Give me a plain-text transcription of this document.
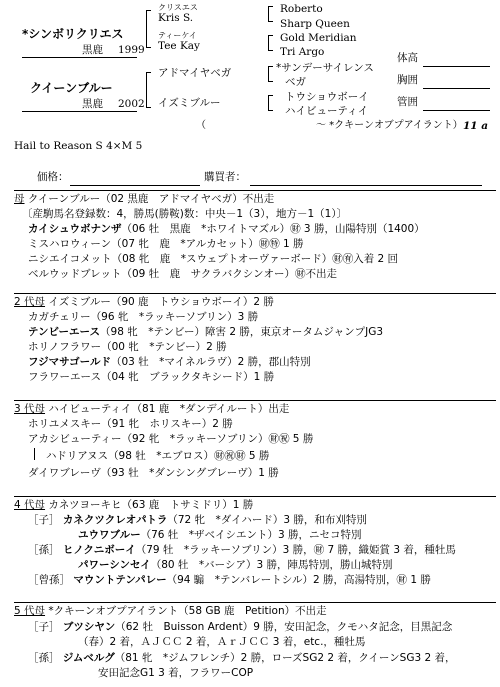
*シンボリクリエス
黒鹿 1999
クリスエス
Kris S.
ティーケイ
Tee Kay
Roberto
Sharp Queen
Gold Meridian
Tri Argo
クイーンブルー
黒鹿 2002
アドマイヤベガ
イズミブルー
*サンデーサイレンス
ベガ
トウショウボーイ
ハイビューティイ
（　　　　　　　　　　　〜 *クキーンオブプアイラント） 11 a
体高
胸囲
管囲
Hail to Reason S 4×M 5
価格：	購買者：
母 クイーンブルー（02 黒鹿　アドマイヤベガ）不出走
〔産駒馬名登録数：4，勝馬(勝鞍)数：中央－1（3），地方－1（1）〕
カイシュウボナンザ（06 牡　黒鹿　*ホワイトマズル）㊖ 3 勝，山陽特別（1400）
ミスハロウィーン（07 牝　鹿　*アルカセット）㊖㊕ 1 勝
ニシエイコメット（08 牝　鹿　*スウェプトオーヴァーボード）㊖㊒入着 2 回
ベルウッドブレット（09 牡　鹿　サクラバクシンオー）㊖不出走
2 代母 イズミブルー（90 鹿　トウショウボーイ）2 勝
カガチェリー（96 牝　*ラッキーソブリン）3 勝
テンビーエース（98 牝　*テンビー）障害 2 勝，東京オータムジャンプJG3
ホリノフラワー（00 牝　*テンビー）2 勝
フジマサゴールド（03 牡　*マイネルラヴ）2 勝，郡山特別
フラワーエース（04 牝　ブラックタキシード）1 勝
3 代母 ハイビューティイ（81 鹿　*ダンデイルート）出走
ホリユメスキー（91 牝　ホリスキー）2 勝
アカシビューティー（92 牝　*ラッキーソブリン）㊖㊗ 5 勝
ハドリアヌス（98 牡　*エブロス）㊖㊗㊖ 5 勝
ダイワブレーヴ（93 牡　*ダンシングブレーヴ）1 勝
4 代母 カネツヨーキヒ（63 鹿　トサミドリ）1 勝
［子］ カネクツクレオパトラ（72 牝　*ダイハード）3 勝，和布刈特別
ユウワブルー（76 牡　*ザベイシエント）3 勝，ニセコ特別
［孫］ ヒノクニボーイ（79 牡　*ラッキーソブリン）3 勝，㊖ 7 勝，織姫賞 3 着，種牡馬
パワーシンセイ（80 牡　*バーシア）3 勝，陣馬特別，勝山城特別
［曾孫］ マウントテンパレー（94 騸　*テンバレートシル）2 勝，高湯特別，㊖ 1 勝
5 代母 *クキーンオブプアイラント（58 GB 鹿　Petition）不出走
［子］ ブツシヤン（62 牡　Buisson Ardent）9 勝，安田記念，クモハタ記念，目黒記念
（春）2 着，ＡＪＣＣ 2 着，ＡｒＪＣＣ 3 着，etc.，種牡馬
［孫］ ジムベルグ（81 牝　*ジムフレンチ）2 勝，ローズSG2 2 着，クイーンSG3 2 着，
安田記念G1 3 着，フラワーCOP
